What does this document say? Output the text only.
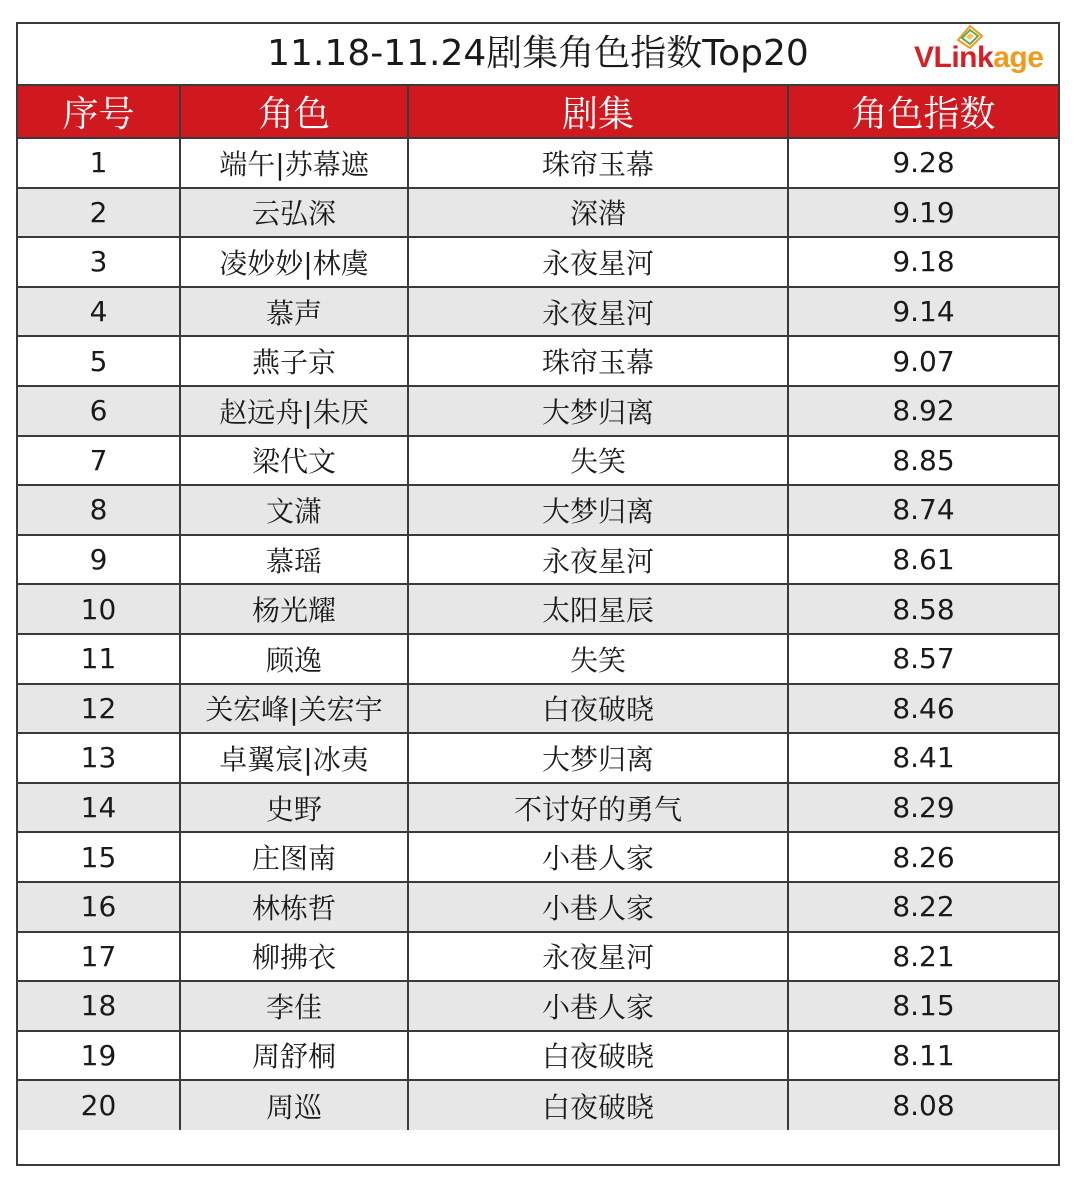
11.18-11.24剧集角色指数Top20	VLinkage
序号	角色	剧集	角色指数
1	端午|苏幕遮	珠帘玉幕	9.28
2	云弘深	深潜	9.19
3	凌妙妙|林虞	永夜星河	9.18
4	慕声	永夜星河	9.14
5	燕子京	珠帘玉幕	9.07
6	赵远舟|朱厌	大梦归离	8.92
7	梁代文	失笑	8.85
8	文潇	大梦归离	8.74
9	慕瑶	永夜星河	8.61
10	杨光耀	太阳星辰	8.58
11	顾逸	失笑	8.57
12	关宏峰|关宏宇	白夜破晓	8.46
13	卓翼宸|冰夷	大梦归离	8.41
14	史野	不讨好的勇气	8.29
15	庄图南	小巷人家	8.26
16	林栋哲	小巷人家	8.22
17	柳拂衣	永夜星河	8.21
18	李佳	小巷人家	8.15
19	周舒桐	白夜破晓	8.11
20	周巡	白夜破晓	8.08
